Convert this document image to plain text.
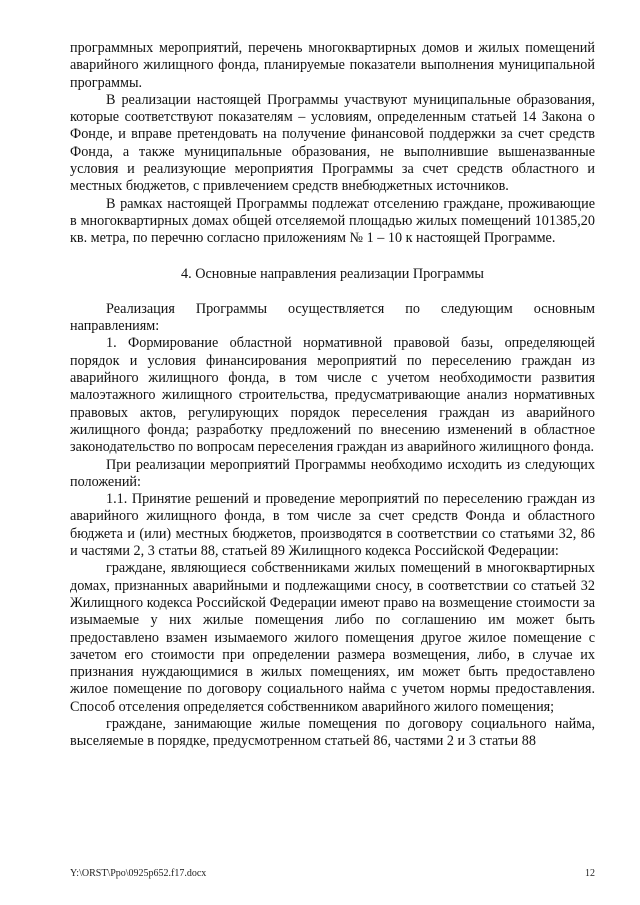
программных мероприятий, перечень многоквартирных домов и жилых помещений аварийного жилищного фонда, планируемые показатели выполнения муниципальной программы.

В реализации настоящей Программы участвуют муниципальные образования, которые соответствуют показателям – условиям, определенным статьей 14 Закона о Фонде, и вправе претендовать на получение финансовой поддержки за счет средств Фонда, а также муниципальные образования, не выполнившие вышеназванные условия и реализующие мероприятия Программы за счет средств областного и местных бюджетов, с привлечением средств внебюджетных источников.

В рамках настоящей Программы подлежат отселению граждане, проживающие в многоквартирных домах общей отселяемой площадью жилых помещений 101385,20 кв. метра, по перечню согласно приложениям № 1 – 10 к настоящей Программе.

4. Основные направления реализации Программы

Реализация Программы осуществляется по следующим основным направлениям:

1. Формирование областной нормативной правовой базы, определяющей порядок и условия финансирования мероприятий по переселению граждан из аварийного жилищного фонда, в том числе с учетом необходимости развития малоэтажного жилищного строительства, предусматривающие анализ нормативных правовых актов, регулирующих порядок переселения граждан из аварийного жилищного фонда; разработку предложений по внесению изменений в областное законодательство по вопросам переселения граждан из аварийного жилищного фонда.

При реализации мероприятий Программы необходимо исходить из следующих положений:

1.1. Принятие решений и проведение мероприятий по переселению граждан из аварийного жилищного фонда, в том числе за счет средств Фонда и областного бюджета и (или) местных бюджетов, производятся в соответствии со статьями 32, 86 и частями 2, 3 статьи 88, статьей 89 Жилищного кодекса Российской Федерации:

граждане, являющиеся собственниками жилых помещений в многоквартирных домах, признанных аварийными и подлежащими сносу, в соответствии со статьей 32 Жилищного кодекса Российской Федерации имеют право на возмещение стоимости за изымаемые у них жилые помещения либо по соглашению им может быть предоставлено взамен изымаемого жилого помещения другое жилое помещение с зачетом его стоимости при определении размера возмещения, либо, в случае их признания нуждающимися в жилых помещениях, им может быть предоставлено жилое помещение по договору социального найма с учетом нормы предоставления. Способ отселения определяется собственником аварийного жилого помещения;

граждане, занимающие жилые помещения по договору социального найма, выселяемые в порядке, предусмотренном статьей 86, частями 2 и 3 статьи 88

Y:\ORST\Ppo\0925p652.f17.docx	12
